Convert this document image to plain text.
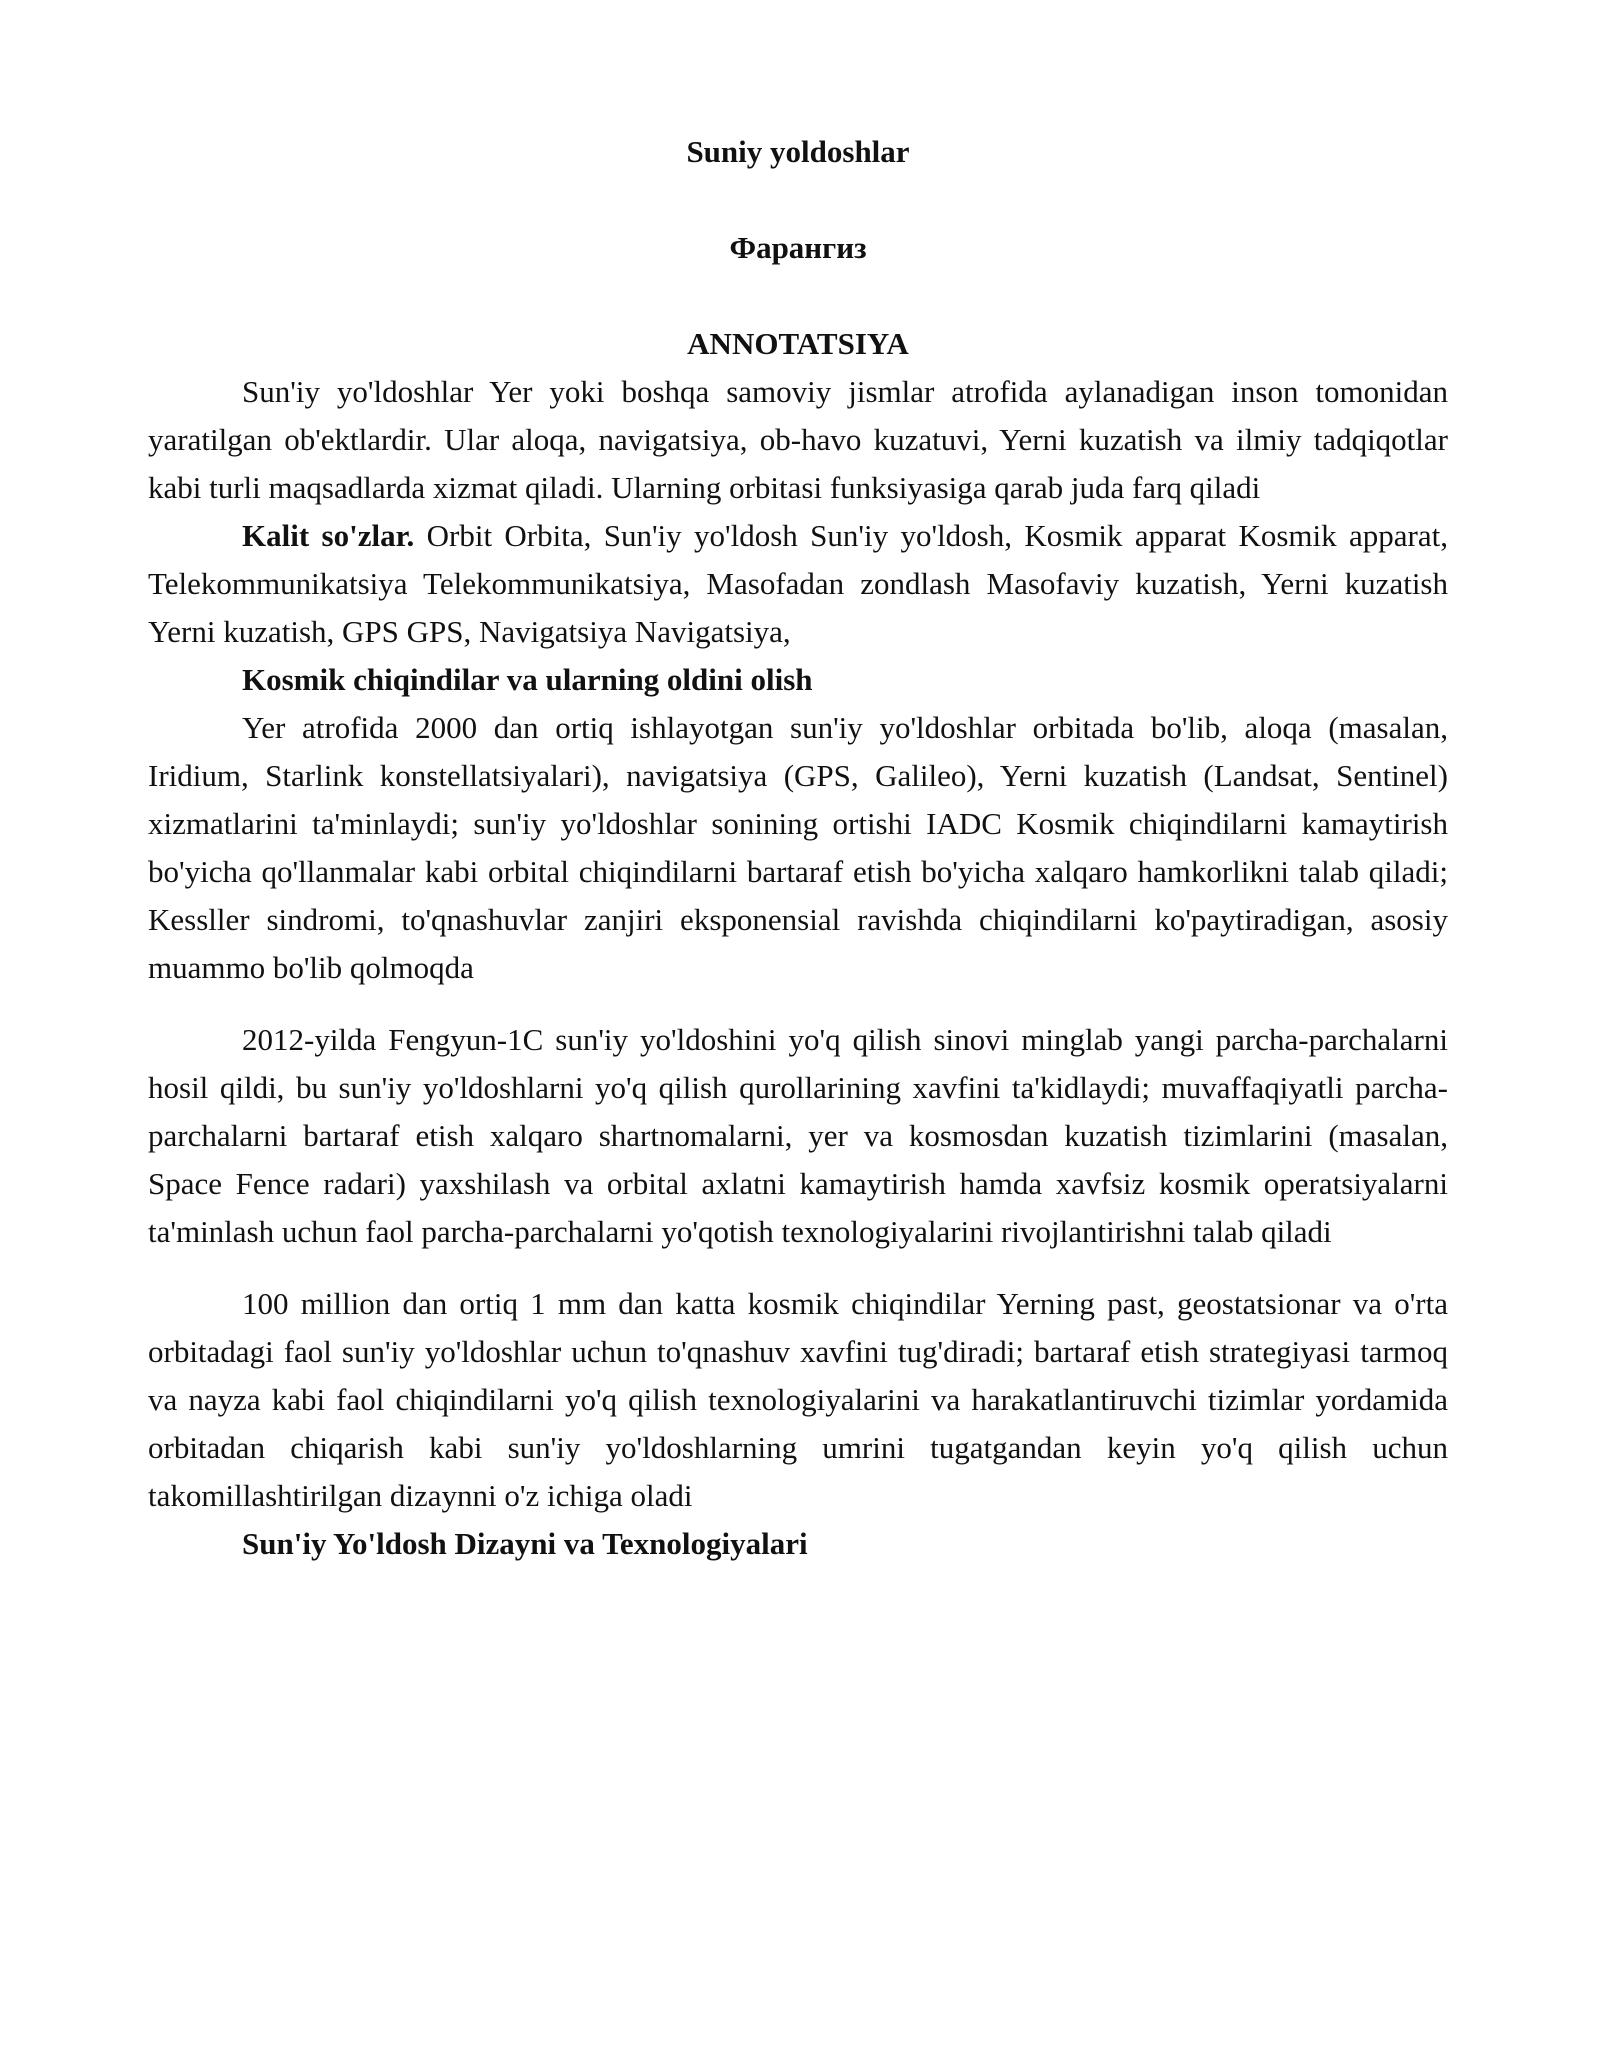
Suniy yoldoshlar

Фарангиз

ANNOTATSIYA

Sun'iy yo'ldoshlar Yer yoki boshqa samoviy jismlar atrofida aylanadigan inson tomonidan yaratilgan ob'ektlardir. Ular aloqa, navigatsiya, ob-havo kuzatuvi, Yerni kuzatish va ilmiy tadqiqotlar kabi turli maqsadlarda xizmat qiladi. Ularning orbitasi funksiyasiga qarab juda farq qiladi

Kalit so'zlar. Orbit Orbita, Sun'iy yo'ldosh Sun'iy yo'ldosh, Kosmik apparat Kosmik apparat, Telekommunikatsiya Telekommunikatsiya, Masofadan zondlash Masofaviy kuzatish, Yerni kuzatish Yerni kuzatish, GPS GPS, Navigatsiya Navigatsiya,

Kosmik chiqindilar va ularning oldini olish

Yer atrofida 2000 dan ortiq ishlayotgan sun'iy yo'ldoshlar orbitada bo'lib, aloqa (masalan, Iridium, Starlink konstellatsiyalari), navigatsiya (GPS, Galileo), Yerni kuzatish (Landsat, Sentinel) xizmatlarini ta'minlaydi; sun'iy yo'ldoshlar sonining ortishi IADC Kosmik chiqindilarni kamaytirish bo'yicha qo'llanmalar kabi orbital chiqindilarni bartaraf etish bo'yicha xalqaro hamkorlikni talab qiladi; Kessller sindromi, to'qnashuvlar zanjiri eksponensial ravishda chiqindilarni ko'paytiradigan, asosiy muammo bo'lib qolmoqda

2012-yilda Fengyun-1C sun'iy yo'ldoshini yo'q qilish sinovi minglab yangi parcha-parchalarni hosil qildi, bu sun'iy yo'ldoshlarni yo'q qilish qurollarining xavfini ta'kidlaydi; muvaffaqiyatli parcha-parchalarni bartaraf etish xalqaro shartnomalarni, yer va kosmosdan kuzatish tizimlarini (masalan, Space Fence radari) yaxshilash va orbital axlatni kamaytirish hamda xavfsiz kosmik operatsiyalarni ta'minlash uchun faol parcha-parchalarni yo'qotish texnologiyalarini rivojlantirishni talab qiladi

100 million dan ortiq 1 mm dan katta kosmik chiqindilar Yerning past, geostatsionar va o'rta orbitadagi faol sun'iy yo'ldoshlar uchun to'qnashuv xavfini tug'diradi; bartaraf etish strategiyasi tarmoq va nayza kabi faol chiqindilarni yo'q qilish texnologiyalarini va harakatlantiruvchi tizimlar yordamida orbitadan chiqarish kabi sun'iy yo'ldoshlarning umrini tugatgandan keyin yo'q qilish uchun takomillashtirilgan dizaynni o'z ichiga oladi

Sun'iy Yo'ldosh Dizayni va Texnologiyalari
